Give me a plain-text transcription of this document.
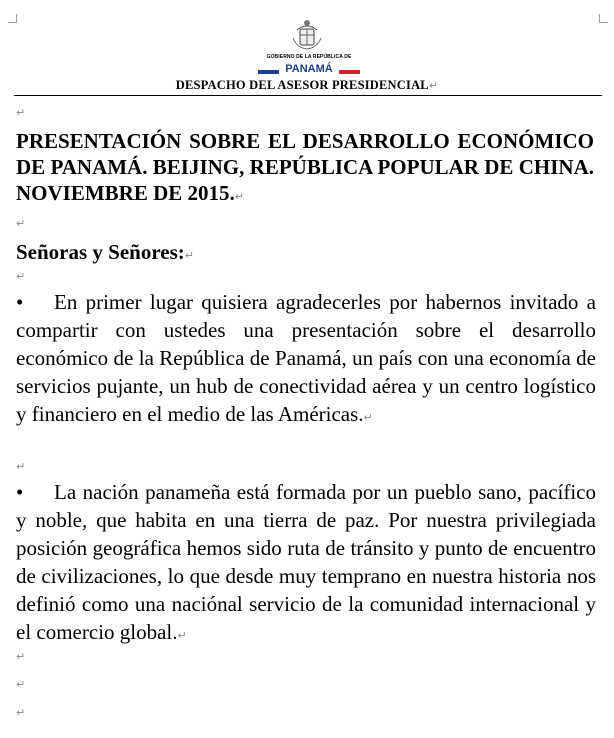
GOBIERNO DE LA REPÚBLICA DE
PANAMÁ
DESPACHO DEL ASESOR PRESIDENCIAL↵
↵
PRESENTACIÓN SOBRE EL DESARROLLO ECONÓMICO DE PANAMÁ. BEIJING, REPÚBLICA POPULAR DE CHINA. NOVIEMBRE DE 2015.↵
↵
Señoras y Señores:↵
↵
• En primer lugar quisiera agradecerles por habernos invitado a compartir con ustedes una presentación sobre el desarrollo económico de la República de Panamá, un país con una economía de servicios pujante, un hub de conectividad aérea y un centro logístico y financiero en el medio de las Américas.↵
↵
• La nación panameña está formada por un pueblo sano, pacífico y noble, que habita en una tierra de paz. Por nuestra privilegiada posición geográfica hemos sido ruta de tránsito y punto de encuentro de civilizaciones, lo que desde muy temprano en nuestra historia nos definió como una naciónal servicio de la comunidad internacional y el comercio global.↵
↵
↵
↵
